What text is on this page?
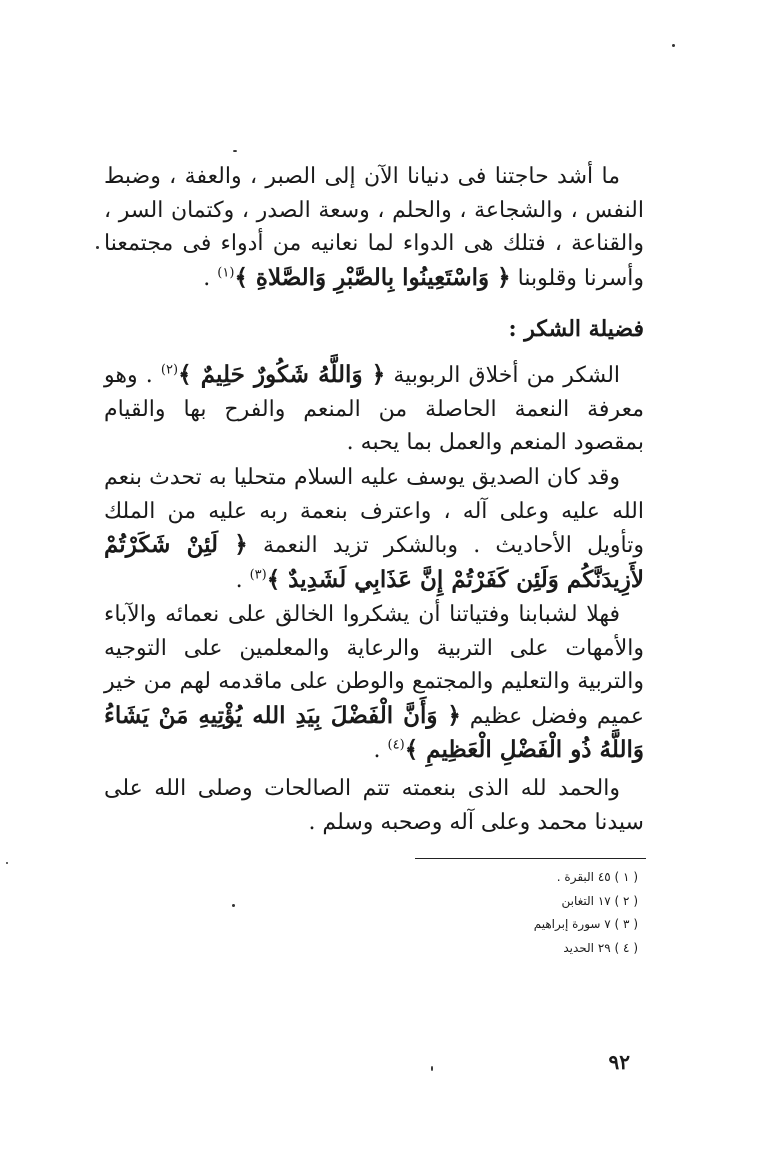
ما أشد حاجتنا فى دنيانا الآن إلى الصبر ، والعفة ، وضبط النفس ، والشجاعة ، والحلم ، وسعة الصدر ، وكتمان السر ، والقناعة ، فتلك هى الدواء لما نعانيه من أدواء فى مجتمعنا وأسرنا وقلوبنا ﴿ وَاسْتَعِينُوا بِالصَّبْرِ وَالصَّلاةِ ﴾$^{(١)}$ .
فضيلة الشكر :
الشكر من أخلاق الربوبية ﴿ وَاللَّهُ شَكُورٌ حَلِيمٌ ﴾$^{(٢)}$ . وهو معرفة النعمة الحاصلة من المنعم والفرح بها والقيام بمقصود المنعم والعمل بما يحبه .
وقد كان الصديق يوسف عليه السلام متحليا به تحدث بنعم الله عليه وعلى آله ، واعترف بنعمة ربه عليه من الملك وتأويل الأحاديث . وبالشكر تزيد النعمة ﴿ لَئِنْ شَكَرْتُمْ لأَزِيدَنَّكُم وَلَئِن كَفَرْتُمْ إِنَّ عَذَابِي لَشَدِيدٌ ﴾$^{(٣)}$ .
فهلا لشبابنا وفتياتنا أن يشكروا الخالق على نعمائه والآباء والأمهات على التربية والرعاية والمعلمين على التوجيه والتربية والتعليم والمجتمع والوطن على ماقدمه لهم من خير عميم وفضل عظيم ﴿ وَأَنَّ الْفَضْلَ بِيَدِ الله يُؤْتِيهِ مَنْ يَشَاءُ وَاللَّهُ ذُو الْفَضْلِ الْعَظِيمِ ﴾$^{(٤)}$ .
والحمد لله الذى بنعمته تتم الصالحات وصلى الله على سيدنا محمد وعلى آله وصحبه وسلم .
( ١ ) ٤٥ البقرة .
( ٢ ) ١٧ التغابن
( ٣ ) ٧ سورة إبراهيم
( ٤ ) ٢٩ الحديد
٩٢
